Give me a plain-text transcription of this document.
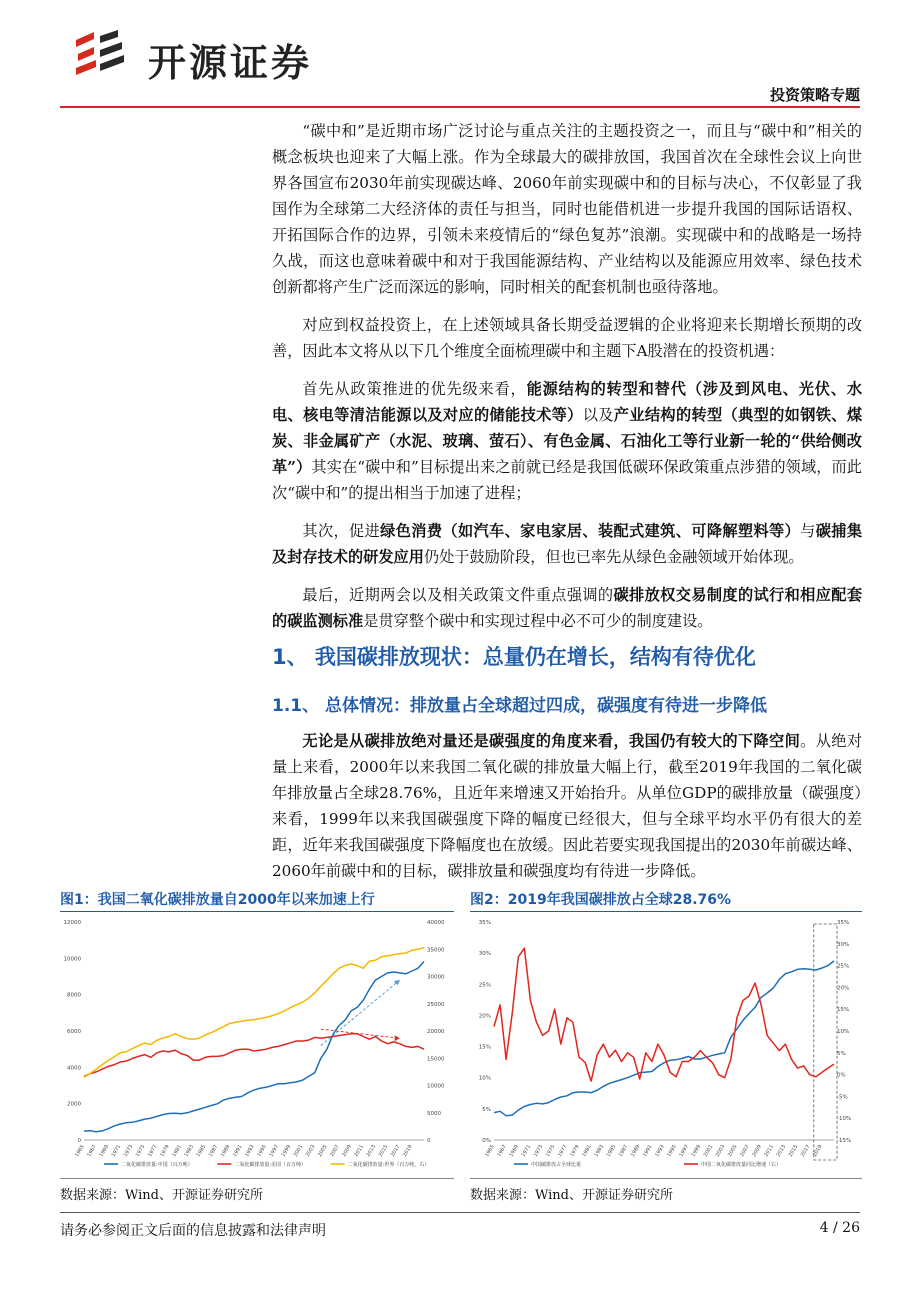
开源证券
投资策略专题

“碳中和”是近期市场广泛讨论与重点关注的主题投资之一，而且与“碳中和”相关的概念板块也迎来了大幅上涨。作为全球最大的碳排放国，我国首次在全球性会议上向世界各国宣布2030年前实现碳达峰、2060年前实现碳中和的目标与决心，不仅彰显了我国作为全球第二大经济体的责任与担当，同时也能借机进一步提升我国的国际话语权、开拓国际合作的边界，引领未来疫情后的“绿色复苏”浪潮。实现碳中和的战略是一场持久战，而这也意味着碳中和对于我国能源结构、产业结构以及能源应用效率、绿色技术创新都将产生广泛而深远的影响，同时相关的配套机制也亟待落地。

对应到权益投资上，在上述领域具备长期受益逻辑的企业将迎来长期增长预期的改善，因此本文将从以下几个维度全面梳理碳中和主题下A股潜在的投资机遇：

首先从政策推进的优先级来看，能源结构的转型和替代（涉及到风电、光伏、水电、核电等清洁能源以及对应的储能技术等）以及产业结构的转型（典型的如钢铁、煤炭、非金属矿产（水泥、玻璃、萤石）、有色金属、石油化工等行业新一轮的“供给侧改革”）其实在“碳中和”目标提出来之前就已经是我国低碳环保政策重点涉猎的领域，而此次“碳中和”的提出相当于加速了进程；

其次，促进绿色消费（如汽车、家电家居、装配式建筑、可降解塑料等）与碳捕集及封存技术的研发应用仍处于鼓励阶段，但也已率先从绿色金融领域开始体现。

最后，近期两会以及相关政策文件重点强调的碳排放权交易制度的试行和相应配套的碳监测标准是贯穿整个碳中和实现过程中必不可少的制度建设。

1、 我国碳排放现状：总量仍在增长，结构有待优化
1.1、 总体情况：排放量占全球超过四成，碳强度有待进一步降低

无论是从碳排放绝对量还是碳强度的角度来看，我国仍有较大的下降空间。从绝对量上来看，2000年以来我国二氧化碳的排放量大幅上行，截至2019年我国的二氧化碳年排放量占全球28.76%，且近年来增速又开始抬升。从单位GDP的碳排放量（碳强度）来看，1999年以来我国碳强度下降的幅度已经很大，但与全球平均水平仍有很大的差距，近年来我国碳强度下降幅度也在放缓。因此若要实现我国提出的2030年前碳达峰、2060年前碳中和的目标，碳排放量和碳强度均有待进一步降低。

图1：我国二氧化碳排放量自2000年以来加速上行
0
2000
4000
6000
8000
10000
12000
0
5000
10000
15000
20000
25000
30000
35000
40000
1965 1967 1969 1971 1973 1975 1977 1979 1981 1983 1985 1987 1989 1991 1993 1995 1997 1999 2001 2003 2005 2007 2009 2011 2013 2015 2017 2019
二氧化碳排放量:中国（百万吨）	二氧化碳排放量:美国（百万吨）	二氧化碳排放量:世界（百万吨，右）
数据来源：Wind、开源证券研究所
图2：2019年我国碳排放占全球28.76%
0%
5%
10%
15%
20%
25%
30%
35%
-15%
-10%
-5%
0%
5%
10%
15%
20%
25%
30%
35%
1965 1967 1969 1971 1973 1975 1977 1979 1981 1983 1985 1987 1989 1991 1993 1995 1997 1999 2001 2003 2005 2007 2009 2011 2013 2015 2017 2019
中国碳排放占全球比重	中国二氧化碳排放量同比增速（右）
数据来源：Wind、开源证券研究所
请务必参阅正文后面的信息披露和法律声明	4 / 26
